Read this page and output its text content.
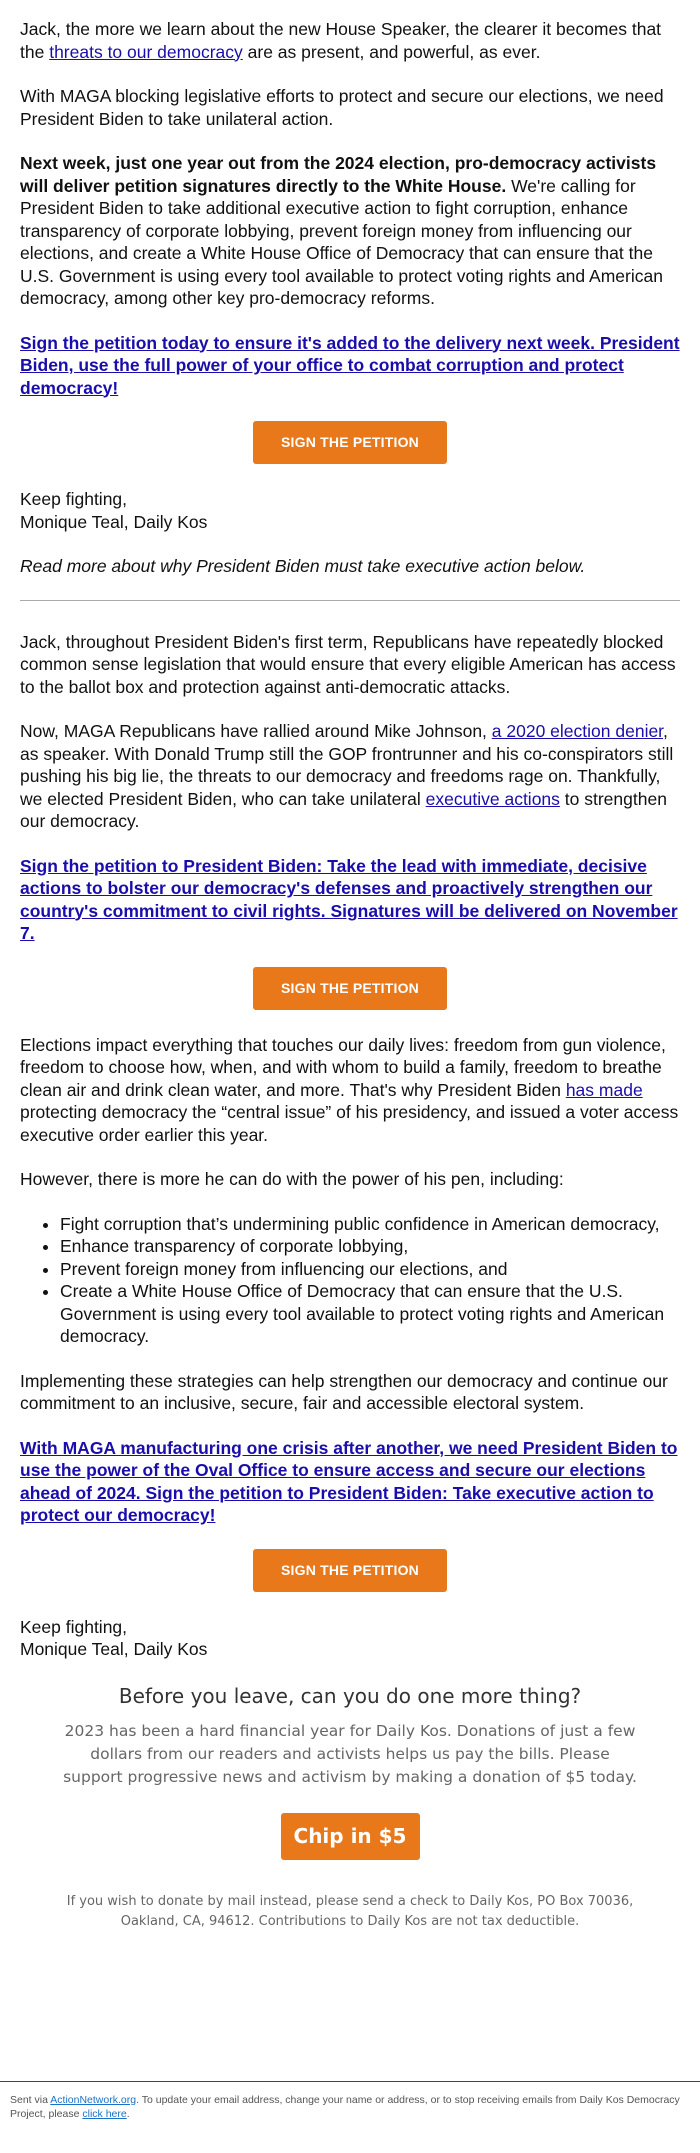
Jack, the more we learn about the new House Speaker, the clearer it becomes that the threats to our democracy are as present, and powerful, as ever.

With MAGA blocking legislative efforts to protect and secure our elections, we need President Biden to take unilateral action.

Next week, just one year out from the 2024 election, pro-democracy activists will deliver petition signatures directly to the White House. We're calling for President Biden to take additional executive action to fight corruption, enhance transparency of corporate lobbying, prevent foreign money from influencing our elections, and create a White House Office of Democracy that can ensure that the U.S. Government is using every tool available to protect voting rights and American democracy, among other key pro-democracy reforms.

Sign the petition today to ensure it's added to the delivery next week. President Biden, use the full power of your office to combat corruption and protect democracy!

SIGN THE PETITION

Keep fighting,
Monique Teal, Daily Kos

Read more about why President Biden must take executive action below.

Jack, throughout President Biden's first term, Republicans have repeatedly blocked common sense legislation that would ensure that every eligible American has access to the ballot box and protection against anti-democratic attacks.

Now, MAGA Republicans have rallied around Mike Johnson, a 2020 election denier, as speaker. With Donald Trump still the GOP frontrunner and his co-conspirators still pushing his big lie, the threats to our democracy and freedoms rage on. Thankfully, we elected President Biden, who can take unilateral executive actions to strengthen our democracy.

Sign the petition to President Biden: Take the lead with immediate, decisive actions to bolster our democracy's defenses and proactively strengthen our country's commitment to civil rights. Signatures will be delivered on November 7.

SIGN THE PETITION

Elections impact everything that touches our daily lives: freedom from gun violence, freedom to choose how, when, and with whom to build a family, freedom to breathe clean air and drink clean water, and more. That's why President Biden has made protecting democracy the “central issue” of his presidency, and issued a voter access executive order earlier this year.

However, there is more he can do with the power of his pen, including:

• Fight corruption that’s undermining public confidence in American democracy,
• Enhance transparency of corporate lobbying,
• Prevent foreign money from influencing our elections, and
• Create a White House Office of Democracy that can ensure that the U.S. Government is using every tool available to protect voting rights and American democracy.

Implementing these strategies can help strengthen our democracy and continue our commitment to an inclusive, secure, fair and accessible electoral system.

With MAGA manufacturing one crisis after another, we need President Biden to use the power of the Oval Office to ensure access and secure our elections ahead of 2024. Sign the petition to President Biden: Take executive action to protect our democracy!

SIGN THE PETITION

Keep fighting,
Monique Teal, Daily Kos

Before you leave, can you do one more thing?

2023 has been a hard financial year for Daily Kos. Donations of just a few dollars from our readers and activists helps us pay the bills. Please support progressive news and activism by making a donation of $5 today.

Chip in $5

If you wish to donate by mail instead, please send a check to Daily Kos, PO Box 70036, Oakland, CA, 94612. Contributions to Daily Kos are not tax deductible.

Sent via ActionNetwork.org. To update your email address, change your name or address, or to stop receiving emails from Daily Kos Democracy Project, please click here.
